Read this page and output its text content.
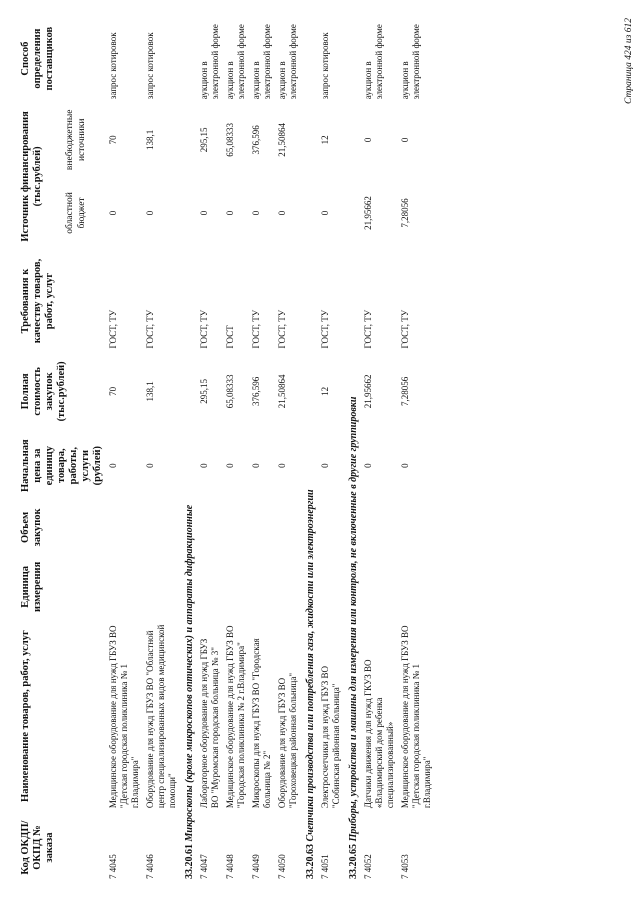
Код ОКДП/ ОКПД № заказа	Наименование товаров, работ, услуг	Единица измерения	Объем закупок	Начальная цена за единицу товара, работы, услуги (рублей)	Полная стоимость закупок (тыс.рублей)	Требования к качеству товаров, работ, услуг	Источник финансирования (тыс.рублей)		Способ определения поставщиков
							областной бюджет	внебюджетные источники	
7 4045	Медицинское оборудование для нужд ГБУЗ ВО "Детская городская поликлиника № 1 г.Владимира"			0	70	ГОСТ, ТУ	0	70	запрос котировок
7 4046	Оборудование для нужд ГБУЗ ВО "Областной центр специализированных видов медицинской помощи"			0	138,1	ГОСТ, ТУ	0	138,1	запрос котировок
33.20.61 Микроскопы (кроме микроскопов оптических) и аппараты дифракционные									
7 4047	Лабораторное оборудование для нужд ГБУЗ ВО "Муромская городская больница № 3"			0	295,15	ГОСТ, ТУ	0	295,15	аукцион в электронной форме
7 4048	Медицинское оборудование для нужд ГБУЗ ВО "Городская поликлиника № 2 г.Владимира"			0	65,08333	ГОСТ	0	65,08333	аукцион в электронной форме
7 4049	Микроскопы для нужд ГБУЗ ВО "Городская больница № 2"			0	376,596	ГОСТ, ТУ	0	376,596	аукцион в электронной форме
7 4050	Оборудование для нужд ГБУЗ ВО "Гороховецкая районная больница"			0	21,50864	ГОСТ, ТУ	0	21,50864	аукцион в электронной форме
33.20.63 Счетчики производства или потребления газа, жидкости или электроэнергии									
7 4051	Электросчетчики для нужд ГБУЗ ВО "Собинская районная больница"			0	12	ГОСТ, ТУ	0	12	запрос котировок
33.20.65 Приборы, устройства и машины для измерения или контроля, не включенные в другие группировки									
7 4052	Датчики движения для нужд ГКУЗ ВО «Владимирский дом ребенка специализированный»			0	21,95662	ГОСТ, ТУ	21,95662	0	аукцион в электронной форме
7 4053	Медицинское оборудование для нужд ГБУЗ ВО "Детская городская поликлиника № 1 г.Владимира"			0	7,28056	ГОСТ, ТУ	7,28056	0	аукцион в электронной форме	Страница 424 из 612
